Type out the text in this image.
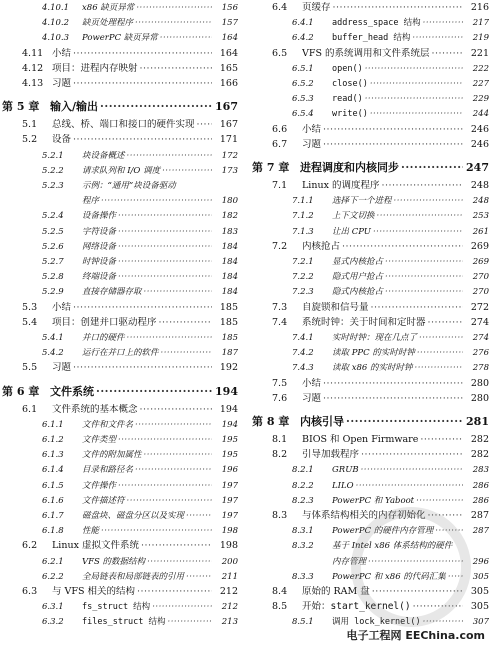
4.10.1 x86 缺页异常 ·····	156
4.10.2 缺页处理程序 ·····	157
4.10.3 PowerPC 缺页异常 ·····	164
4.11 小结 ·····	164
4.12 项目：进程内存映射 ·····	165
4.13 习题 ·····	166
第 5 章 输入/输出 ·····	167
5.1 总线、桥、端口和接口的硬件实现 ·····	167
5.2 设备 ·····	171
5.2.1 块设备概述 ·····	172
5.2.2 请求队列和 I/O 调度 ·····	173
5.2.3 示例：“通用”块设备驱动
程序 ·····	180
5.2.4 设备操作 ·····	182
5.2.5 字符设备 ·····	183
5.2.6 网络设备 ·····	184
5.2.7 时钟设备 ·····	184
5.2.8 终端设备 ·····	184
5.2.9 直接存储器存取 ·····	184
5.3 小结 ·····	185
5.4 项目：创建并口驱动程序 ·····	185
5.4.1 并口的硬件 ·····	185
5.4.2 运行在并口上的软件 ·····	187
5.5 习题 ·····	192
第 6 章 文件系统 ·····	194
6.1 文件系统的基本概念 ·····	194
6.1.1 文件和文件名 ·····	194
6.1.2 文件类型 ·····	195
6.1.3 文件的附加属性 ·····	195
6.1.4 目录和路径名 ·····	196
6.1.5 文件操作 ·····	197
6.1.6 文件描述符 ·····	197
6.1.7 磁盘块、磁盘分区以及实现 ·····	197
6.1.8 性能 ·····	198
6.2 Linux 虚拟文件系统 ·····	198
6.2.1 VFS 的数据结构 ·····	200
6.2.2 全局链表和局部链表的引用 ·····	211
6.3 与 VFS 相关的结构 ·····	212
6.3.1 fs_struct 结构 ·····	212
6.3.2 files_struct 结构 ·····	213
6.4 页缓存 ·····	216
6.4.1 address_space 结构 ·····	217
6.4.2 buffer_head 结构 ·····	219
6.5 VFS 的系统调用和文件系统层 ·····	221
6.5.1 open() ·····	222
6.5.2 close() ·····	227
6.5.3 read() ·····	229
6.5.4 write() ·····	244
6.6 小结 ·····	246
6.7 习题 ·····	246
第 7 章 进程调度和内核同步 ·····	247
7.1 Linux 的调度程序 ·····	248
7.1.1 选择下一个进程 ·····	248
7.1.2 上下文切换 ·····	253
7.1.3 让出 CPU ·····	261
7.2 内核抢占 ·····	269
7.2.1 显式内核抢占 ·····	269
7.2.2 隐式用户抢占 ·····	270
7.2.3 隐式内核抢占 ·····	270
7.3 自旋锁和信号量 ·····	272
7.4 系统时钟：关于时间和定时器 ·····	274
7.4.1 实时时钟：现在几点了 ·····	274
7.4.2 读取 PPC 的实时时钟 ·····	276
7.4.3 读取 x86 的实时时钟 ·····	278
7.5 小结 ·····	280
7.6 习题 ·····	280
第 8 章 内核引导 ·····	281
8.1 BIOS 和 Open Firmware ·····	282
8.2 引导加载程序 ·····	282
8.2.1 GRUB ·····	283
8.2.2 LILO ·····	286
8.2.3 PowerPC 和 Yaboot ·····	286
8.3 与体系结构相关的内存初始化 ·····	287
8.3.1 PowerPC 的硬件内存管理 ·····	287
8.3.2 基于 Intel x86 体系结构的硬件
内存管理 ·····	296
8.3.3 PowerPC 和 x86 的代码汇集 ·····	305
8.4 原始的 RAM 盘 ·····	305
8.5 开始：start_kernel() ·····	305
8.5.1 调用 lock_kernel() ·····	307
电子工程网 EEChina.com
